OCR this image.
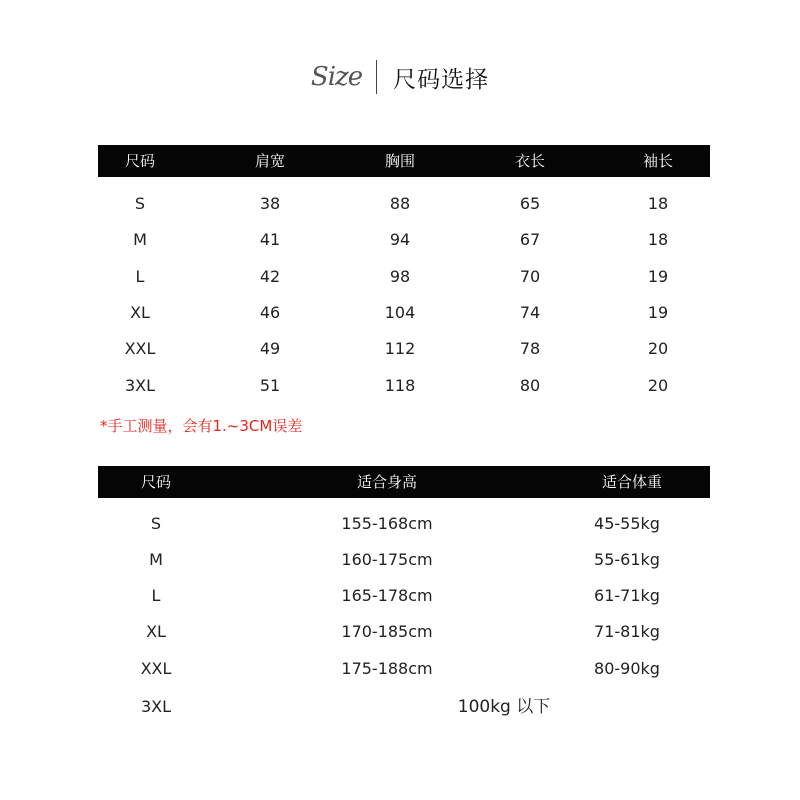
Size 尺码选择
尺码	肩宽	胸围	衣长	袖长
S	38	88	65	18
M	41	94	67	18
L	42	98	70	19
XL	46	104	74	19
XXL	49	112	78	20
3XL	51	118	80	20
*手工测量，会有1.~3CM误差
尺码	适合身高	适合体重
S	155-168cm	45-55kg
M	160-175cm	55-61kg
L	165-178cm	61-71kg
XL	170-185cm	71-81kg
XXL	175-188cm	80-90kg
3XL	100kg 以下
